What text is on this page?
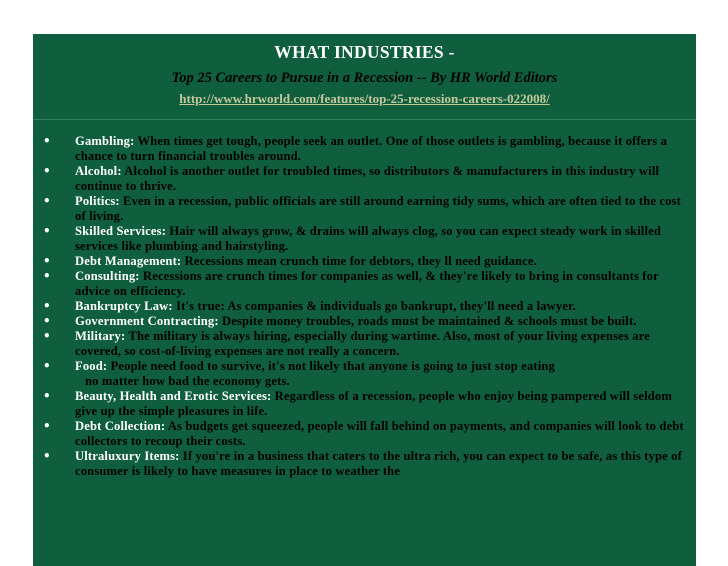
WHAT INDUSTRIES -
Top 25 Careers to Pursue in a Recession -- By HR World Editors
http://www.hrworld.com/features/top-25-recession-careers-022008/
• Gambling: When times get tough, people seek an outlet. One of those outlets is gambling, because it offers a chance to turn financial troubles around.
• Alcohol: Alcohol is another outlet for troubled times, so distributors & manufacturers in this industry will continue to thrive.
• Politics: Even in a recession, public officials are still around earning tidy sums, which are often tied to the cost of living.
• Skilled Services: Hair will always grow, & drains will always clog, so you can expect steady work in skilled services like plumbing and hairstyling.
• Debt Management: Recessions mean crunch time for debtors, they ll need guidance.
• Consulting: Recessions are crunch times for companies as well, & they're likely to bring in consultants for advice on efficiency.
• Bankruptcy Law: It's true: As companies & individuals go bankrupt, they'll need a lawyer.
• Government Contracting: Despite money troubles, roads must be maintained & schools must be built.
• Military: The military is always hiring, especially during wartime. Also, most of your living expenses are covered, so cost-of-living expenses are not really a concern.
• Food: People need food to survive, it's not likely that anyone is going to just stop eating
no matter how bad the economy gets.
• Beauty, Health and Erotic Services: Regardless of a recession, people who enjoy being pampered will seldom give up the simple pleasures in life.
• Debt Collection: As budgets get squeezed, people will fall behind on payments, and companies will look to debt collectors to recoup their costs.
• Ultraluxury Items: If you're in a business that caters to the ultra rich, you can expect to be safe, as this type of consumer is likely to have measures in place to weather the
